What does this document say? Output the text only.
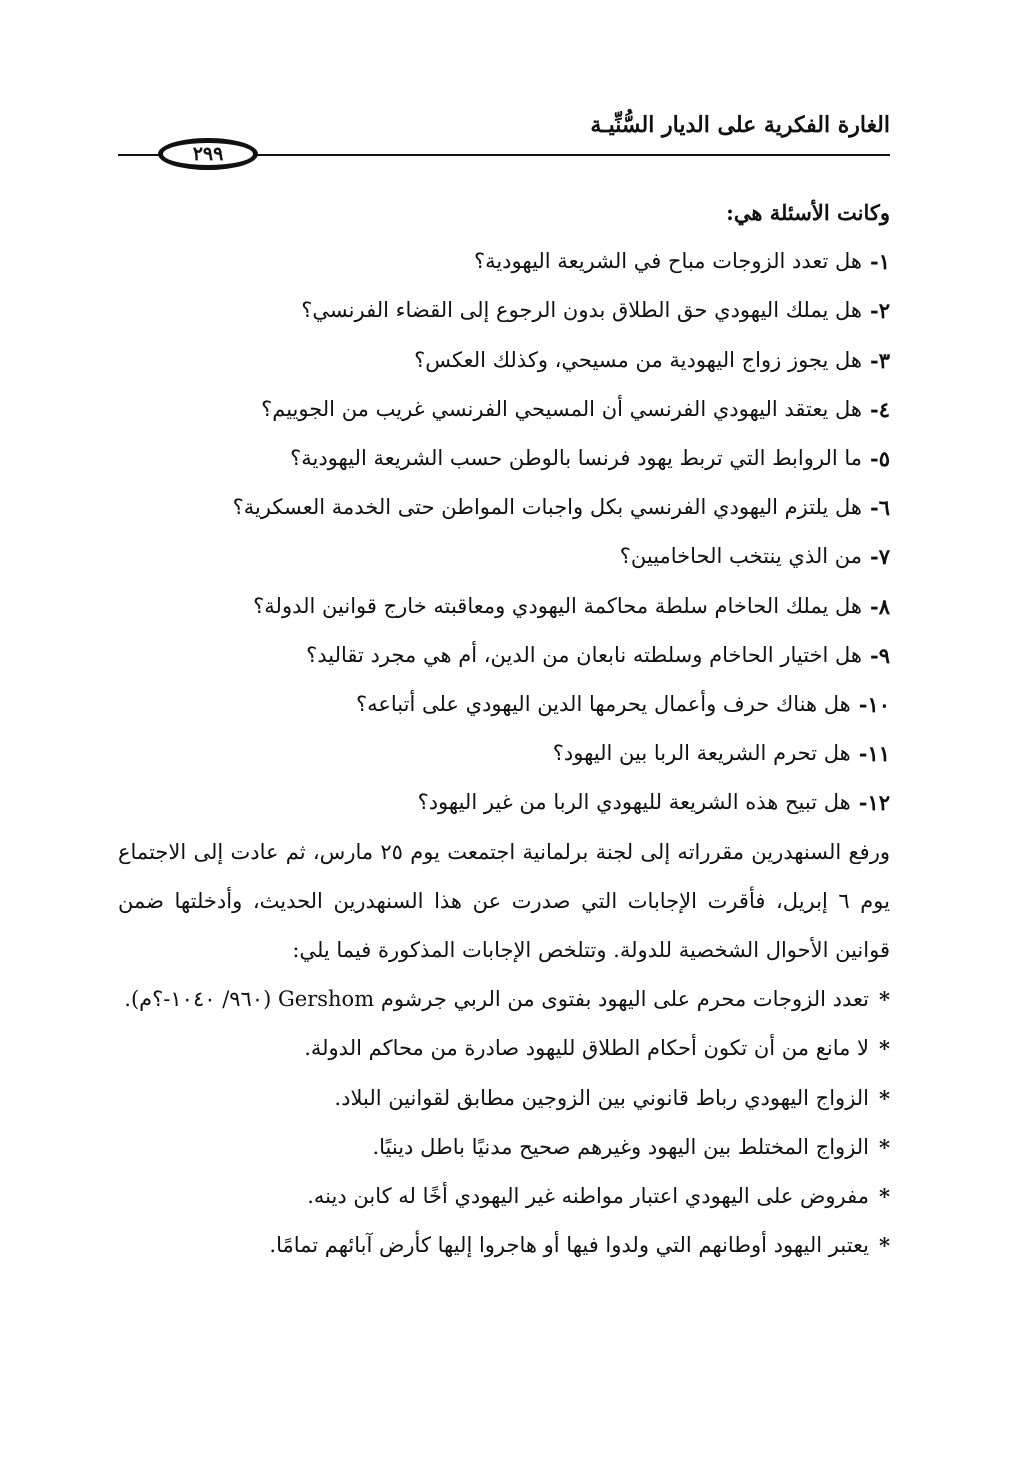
الغارة الفكرية على الديار السُّنِّيـة
٢٩٩
وكانت الأسئلة هي:
١-
هل تعدد الزوجات مباح في الشريعة اليهودية؟
٢-
هل يملك اليهودي حق الطلاق بدون الرجوع إلى القضاء الفرنسي؟
٣-
هل يجوز زواج اليهودية من مسيحي، وكذلك العكس؟
٤-
هل يعتقد اليهودي الفرنسي أن المسيحي الفرنسي غريب من الجوييم؟
٥-
ما الروابط التي تربط يهود فرنسا بالوطن حسب الشريعة اليهودية؟
٦-
هل يلتزم اليهودي الفرنسي بكل واجبات المواطن حتى الخدمة العسكرية؟
٧-
من الذي ينتخب الحاخاميين؟
٨-
هل يملك الحاخام سلطة محاكمة اليهودي ومعاقبته خارج قوانين الدولة؟
٩-
هل اختيار الحاخام وسلطته نابعان من الدين، أم هي مجرد تقاليد؟
١٠-
هل هناك حرف وأعمال يحرمها الدين اليهودي على أتباعه؟
١١-
هل تحرم الشريعة الربا بين اليهود؟
١٢-
هل تبيح هذه الشريعة لليهودي الربا من غير اليهود؟

ورفع السنهدرين مقرراته إلى لجنة برلمانية اجتمعت يوم ٢٥ مارس، ثم عادت إلى الاجتماع يوم ٦ إبريل، فأقرت الإجابات التي صدرت عن هذا السنهدرين الحديث، وأدخلتها ضمن قوانين الأحوال الشخصية للدولة. وتتلخص الإجابات المذكورة فيما يلي:

*
تعدد الزوجات محرم على اليهود بفتوى من الربي جرشوم Gershom (٩٦٠/ ١٠٤٠-؟م).
*
لا مانع من أن تكون أحكام الطلاق لليهود صادرة من محاكم الدولة.
*
الزواج اليهودي رباط قانوني بين الزوجين مطابق لقوانين البلاد.
*
الزواج المختلط بين اليهود وغيرهم صحيح مدنيًا باطل دينيًا.
*
مفروض على اليهودي اعتبار مواطنه غير اليهودي أخًا له كابن دينه.
*
يعتبر اليهود أوطانهم التي ولدوا فيها أو هاجروا إليها كأرض آبائهم تمامًا.
